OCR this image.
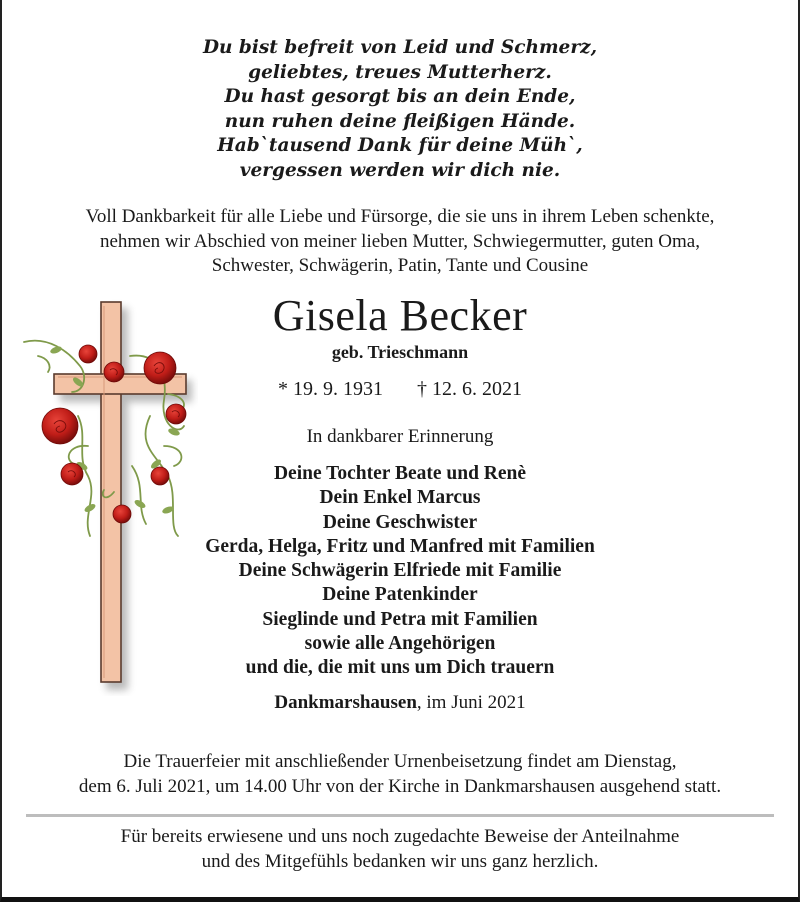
Du bist befreit von Leid und Schmerz,
geliebtes, treues Mutterherz.
Du hast gesorgt bis an dein Ende,
nun ruhen deine fleißigen Hände.
Hab`tausend Dank für deine Müh`,
vergessen werden wir dich nie.
Voll Dankbarkeit für alle Liebe und Fürsorge, die sie uns in ihrem Leben schenkte,
nehmen wir Abschied von meiner lieben Mutter, Schwiegermutter, guten Oma,
Schwester, Schwägerin, Patin, Tante und Cousine
Gisela Becker
geb. Trieschmann
* 19. 9. 1931 † 12. 6. 2021
In dankbarer Erinnerung
Deine Tochter Beate und Renè
Dein Enkel Marcus
Deine Geschwister
Gerda, Helga, Fritz und Manfred mit Familien
Deine Schwägerin Elfriede mit Familie
Deine Patenkinder
Sieglinde und Petra mit Familien
sowie alle Angehörigen
und die, die mit uns um Dich trauern
Dankmarshausen, im Juni 2021
Die Trauerfeier mit anschließender Urnenbeisetzung findet am Dienstag,
dem 6. Juli 2021, um 14.00 Uhr von der Kirche in Dankmarshausen ausgehend statt.
Für bereits erwiesene und uns noch zugedachte Beweise der Anteilnahme
und des Mitgefühls bedanken wir uns ganz herzlich.
